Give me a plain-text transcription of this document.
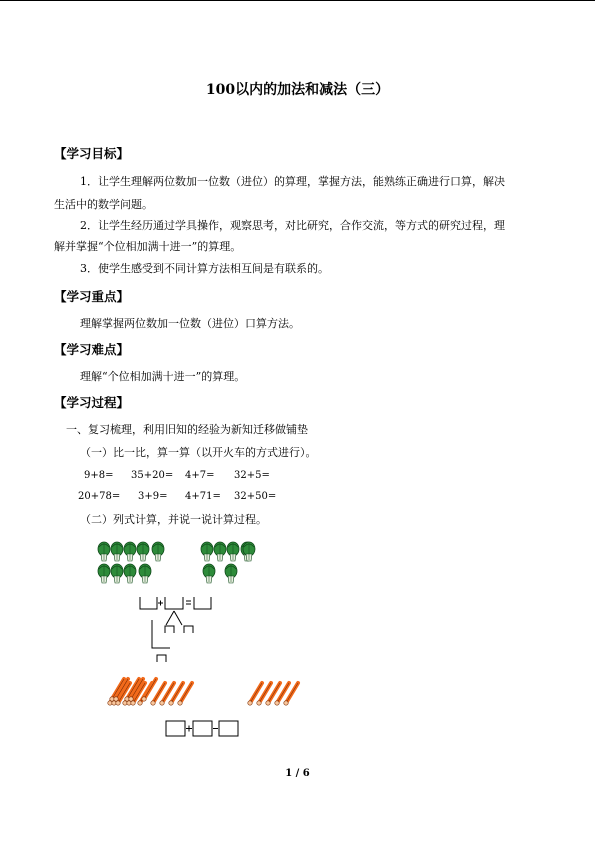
100以内的加法和减法（三）
【学习目标】
1．让学生理解两位数加一位数（进位）的算理，掌握方法，能熟练正确进行口算，解决
生活中的数学问题。
2．让学生经历通过学具操作，观察思考，对比研究，合作交流，等方式的研究过程，理
解并掌握“个位相加满十进一”的算理。
3．使学生感受到不同计算方法相互间是有联系的。
【学习重点】
理解掌握两位数加一位数（进位）口算方法。
【学习难点】
理解“个位相加满十进一”的算理。
【学习过程】
一、复习梳理，利用旧知的经验为新知迁移做铺垫
（一）比一比，算一算（以开火车的方式进行）。
9+8= 35+20= 4+7= 32+5=
20+78= 3+9= 4+71= 32+50=
（二）列式计算，并说一说计算过程。
1 / 6
